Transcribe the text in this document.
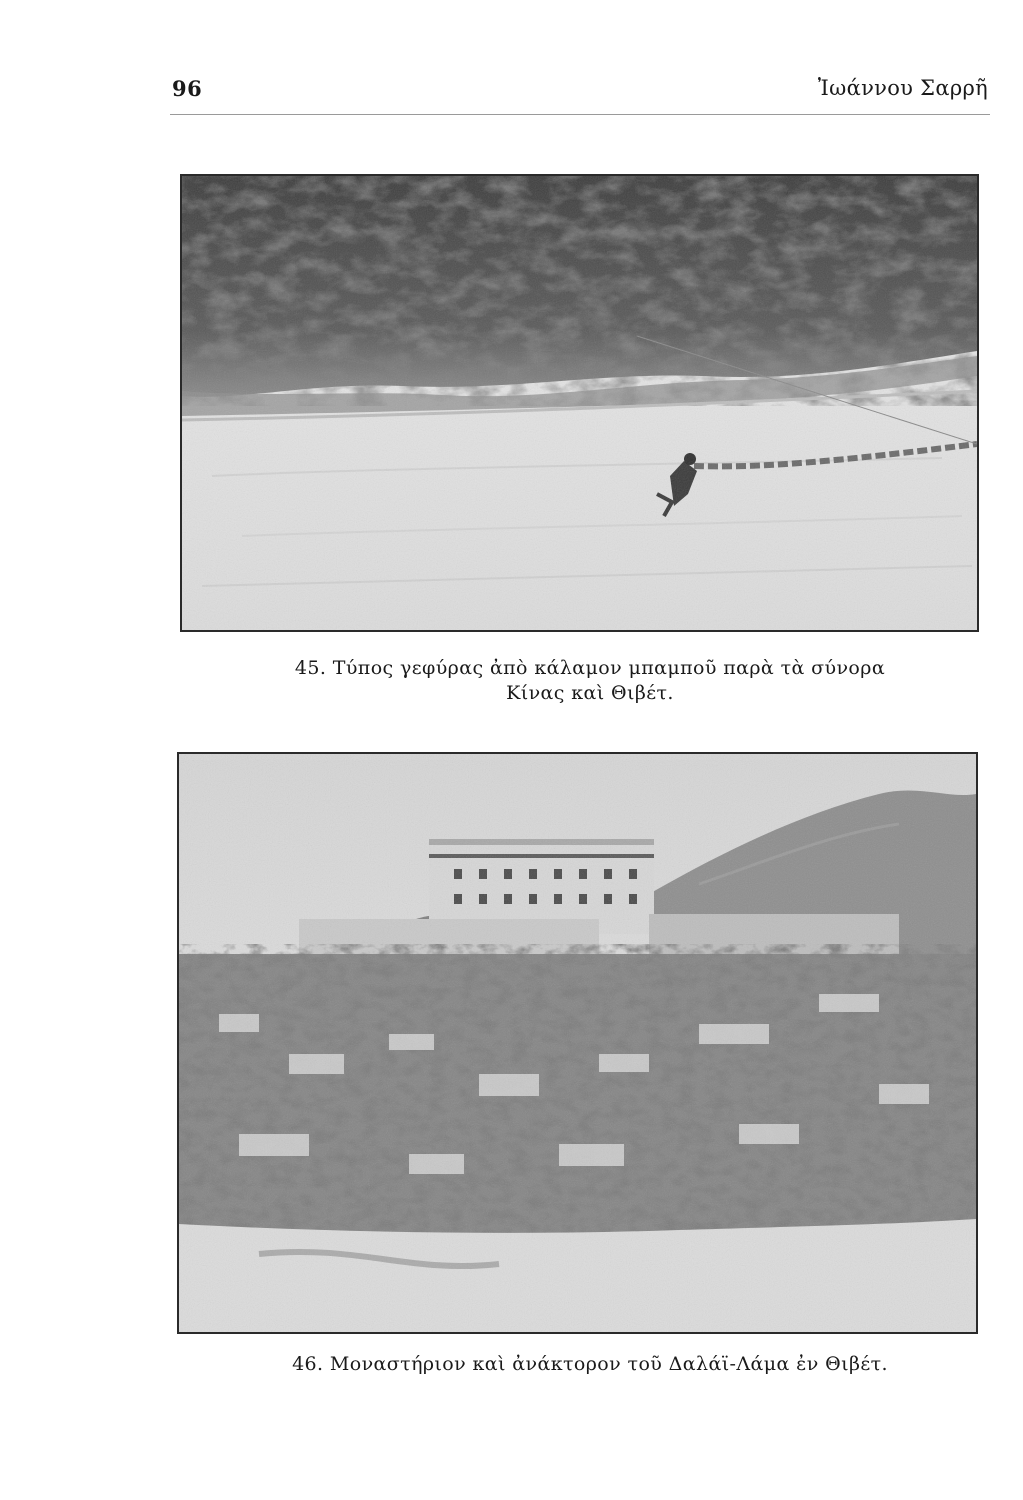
96	Ἰωάννου Σαρρῆ
45. Τύπος γεφύρας ἀπὸ κάλαμον μπαμποῦ παρὰ τὰ σύνορα
Κίνας καὶ Θιβέτ.
46. Μοναστήριον καὶ ἀνάκτορον τοῦ Δαλάϊ-Λάμα ἐν Θιβέτ.
